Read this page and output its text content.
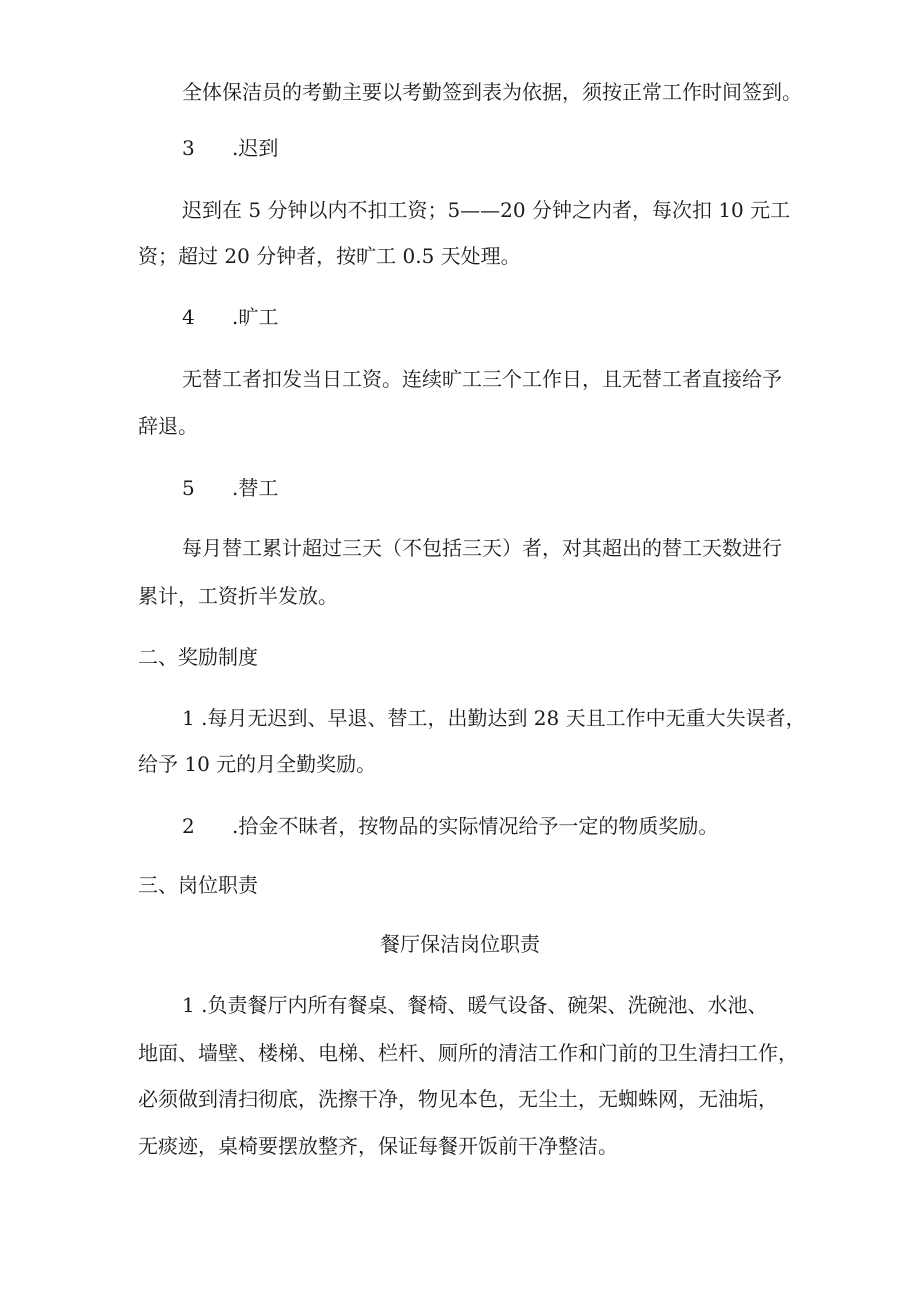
全体保洁员的考勤主要以考勤签到表为依据，须按正常工作时间签到。
3 .迟到
迟到在 5 分钟以内不扣工资；5——20 分钟之内者，每次扣 10 元工
资；超过 20 分钟者，按旷工 0.5 天处理。
4 .旷工
无替工者扣发当日工资。连续旷工三个工作日，且无替工者直接给予
辞退。
5 .替工
每月替工累计超过三天（不包括三天）者，对其超出的替工天数进行
累计，工资折半发放。
二、奖励制度
1 .每月无迟到、早退、替工，出勤达到 28 天且工作中无重大失误者，
给予 10 元的月全勤奖励。
2 .拾金不昧者，按物品的实际情况给予一定的物质奖励。
三、岗位职责
餐厅保洁岗位职责
1 .负责餐厅内所有餐桌、餐椅、暖气设备、碗架、洗碗池、水池、
地面、墙壁、楼梯、电梯、栏杆、厕所的清洁工作和门前的卫生清扫工作，
必须做到清扫彻底，洗擦干净，物见本色，无尘土，无蜘蛛网，无油垢，
无痰迹，桌椅要摆放整齐，保证每餐开饭前干净整洁。
